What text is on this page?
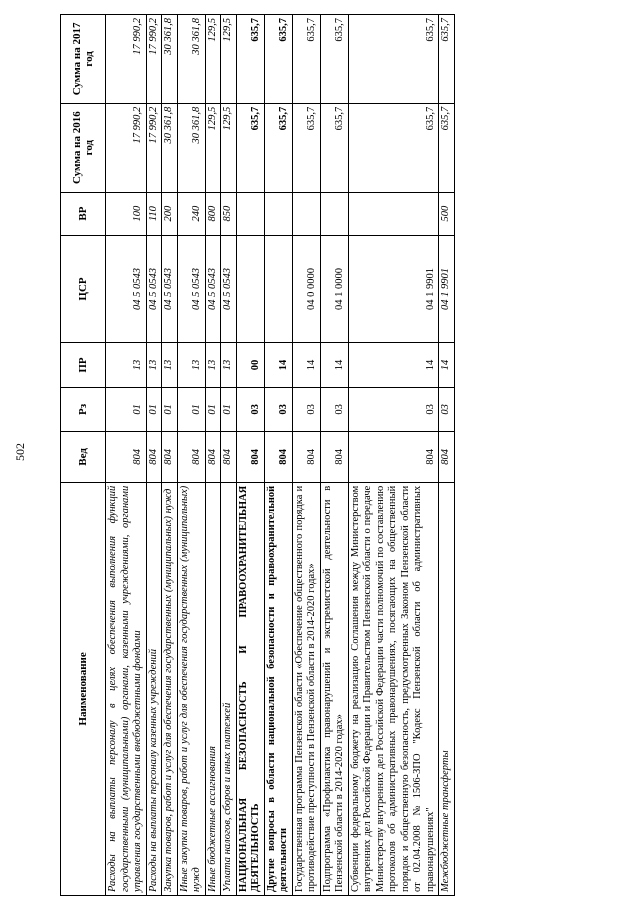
502
Наименование	Вед	Рз	ПР	ЦСР	ВР	Сумма на 2016 год	Сумма на 2017 год
Расходы на выплаты персоналу в целях обеспечения выполнения функций государственными (муниципальными) органами, казенными учреждениями, органами управления государственными внебюджетными фондами	804	01	13	04 5 0543	100	17 990,2	17 990,2
Расходы на выплаты персоналу казенных учреждений	804	01	13	04 5 0543	110	17 990,2	17 990,2
Закупка товаров, работ и услуг для обеспечения государственных (муниципальных) нужд	804	01	13	04 5 0543	200	30 361,8	30 361,8
Иные закупки товаров, работ и услуг для обеспечения государственных (муниципальных) нужд	804	01	13	04 5 0543	240	30 361,8	30 361,8
Иные бюджетные ассигнования	804	01	13	04 5 0543	800	129,5	129,5
Уплата налогов, сборов и иных платежей	804	01	13	04 5 0543	850	129,5	129,5
НАЦИОНАЛЬНАЯ БЕЗОПАСНОСТЬ И ПРАВООХРАНИТЕЛЬНАЯ ДЕЯТЕЛЬНОСТЬ	804	03	00			635,7	635,7
Другие вопросы в области национальной безопасности и правоохранительной деятельности	804	03	14			635,7	635,7
Государственная программа Пензенской области «Обеспечение общественного порядка и противодействие преступности в Пензенской области в 2014-2020 годах»	804	03	14	04 0 0000		635,7	635,7
Подпрограмма «Профилактика правонарушений и экстремистской деятельности в Пензенской области в 2014-2020 годах»	804	03	14	04 1 0000		635,7	635,7
Субвенции федеральному бюджету на реализацию Соглашения между Министерством внутренних дел Российской Федерации и Правительством Пензенской области о передаче Министерству внутренних дел Российской Федерации части полномочий по составлению протоколов об административных правонарушениях, посягающих на общественный порядок и общественную безопасность, предусмотренных Законом Пензенской области от 02.04.2008 №1506-ЗПО "Кодекс Пензенской области об административных правонарушениях"	804	03	14	04 1 9901		635,7	635,7
Межбюджетные трансферты	804	03	14	04 1 9901	500	635,7	635,7
